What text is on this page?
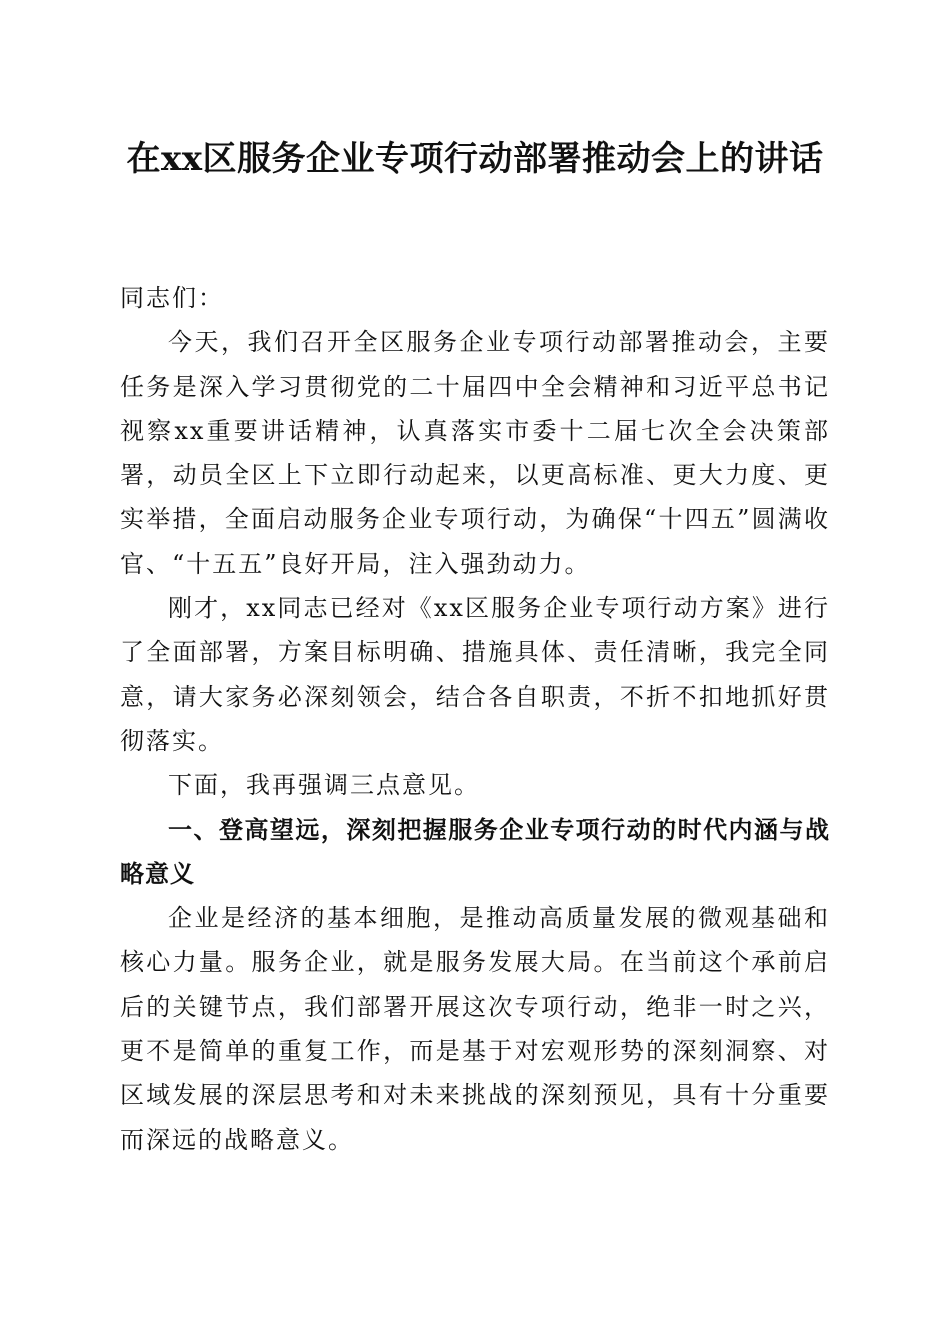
在xx区服务企业专项行动部署推动会上的讲话

同志们：

今天，我们召开全区服务企业专项行动部署推动会，主要任务是深入学习贯彻党的二十届四中全会精神和习近平总书记视察xx重要讲话精神，认真落实市委十二届七次全会决策部署，动员全区上下立即行动起来，以更高标准、更大力度、更实举措，全面启动服务企业专项行动，为确保“十四五”圆满收官、“十五五”良好开局，注入强劲动力。

刚才，xx同志已经对《xx区服务企业专项行动方案》进行了全面部署，方案目标明确、措施具体、责任清晰，我完全同意，请大家务必深刻领会，结合各自职责，不折不扣地抓好贯彻落实。

下面，我再强调三点意见。

一、登高望远，深刻把握服务企业专项行动的时代内涵与战略意义

企业是经济的基本细胞，是推动高质量发展的微观基础和核心力量。服务企业，就是服务发展大局。在当前这个承前启后的关键节点，我们部署开展这次专项行动，绝非一时之兴，更不是简单的重复工作，而是基于对宏观形势的深刻洞察、对区域发展的深层思考和对未来挑战的深刻预见，具有十分重要而深远的战略意义。
